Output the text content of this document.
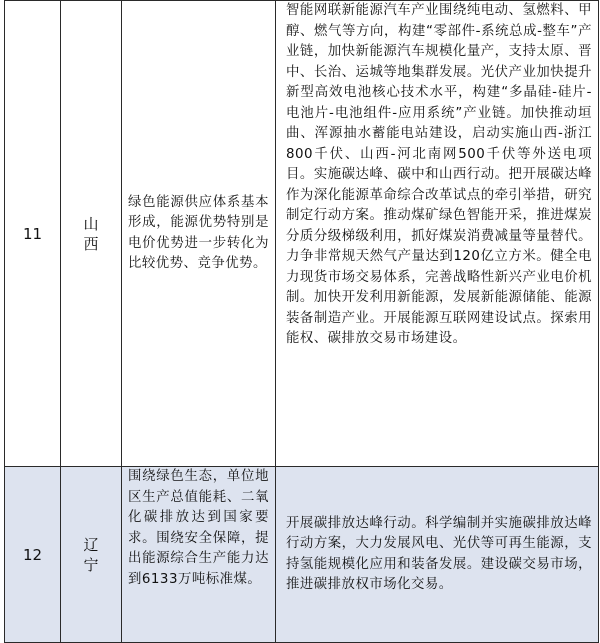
11	山西	绿色能源供应体系基本形成，能源优势特别是电价优势进一步转化为比较优势、竞争优势。	智能网联新能源汽车产业围绕纯电动、氢燃料、甲醇、燃气等方向，构建“零部件-系统总成-整车”产业链，加快新能源汽车规模化量产，支持太原、晋中、长治、运城等地集群发展。光伏产业加快提升新型高效电池核心技术水平，构建“多晶硅-硅片-电池片-电池组件-应用系统”产业链。加快推动垣曲、浑源抽水蓄能电站建设，启动实施山西-浙江800千伏、山西-河北南网500千伏等外送电项目。实施碳达峰、碳中和山西行动。把开展碳达峰作为深化能源革命综合改革试点的牵引举措，研究制定行动方案。推动煤矿绿色智能开采，推进煤炭分质分级梯级利用，抓好煤炭消费减量等量替代。力争非常规天然气产量达到120亿立方米。健全电力现货市场交易体系，完善战略性新兴产业电价机制。加快开发利用新能源，发展新能源储能、能源装备制造产业。开展能源互联网建设试点。探索用能权、碳排放交易市场建设。
12	辽宁	围绕绿色生态，单位地区生产总值能耗、二氧化碳排放达到国家要求。围绕安全保障，提出能源综合生产能力达到6133万吨标准煤。	开展碳排放达峰行动。科学编制并实施碳排放达峰行动方案，大力发展风电、光伏等可再生能源，支持氢能规模化应用和装备发展。建设碳交易市场，推进碳排放权市场化交易。
